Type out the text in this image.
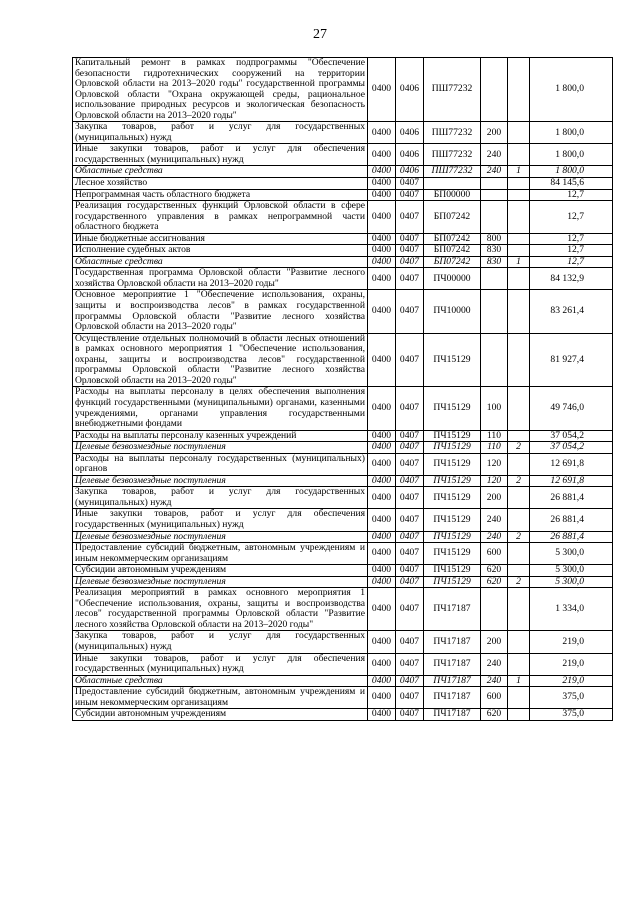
27
Капитальный ремонт в рамках подпрограммы "Обеспечение безопасности гидротехнических сооружений на территории Орловской области на 2013–2020 годы" государственной программы Орловской области "Охрана окружающей среды, рациональное использование природных ресурсов и экологическая безопасность Орловской области на 2013–2020 годы"	0400	0406	ПШ77232			1 800,0
Закупка товаров, работ и услуг для государственных (муниципальных) нужд	0400	0406	ПШ77232	200		1 800,0
Иные закупки товаров, работ и услуг для обеспечения государственных (муниципальных) нужд	0400	0406	ПШ77232	240		1 800,0
Областные средства	0400	0406	ПШ77232	240	1	1 800,0
Лесное хозяйство	0400	0407				84 145,6
Непрограммная часть областного бюджета	0400	0407	БП00000			12,7
Реализация государственных функций Орловской области в сфере государственного управления в рамках непрограммной части областного бюджета	0400	0407	БП07242			12,7
Иные бюджетные ассигнования	0400	0407	БП07242	800		12,7
Исполнение судебных актов	0400	0407	БП07242	830		12,7
Областные средства	0400	0407	БП07242	830	1	12,7
Государственная программа Орловской области "Развитие лесного хозяйства Орловской области на 2013–2020 годы"	0400	0407	ПЧ00000			84 132,9
Основное мероприятие 1 "Обеспечение использования, охраны, защиты и воспроизводства лесов" в рамках государственной программы Орловской области "Развитие лесного хозяйства Орловской области на 2013–2020 годы"	0400	0407	ПЧ10000			83 261,4
Осуществление отдельных полномочий в области лесных отношений в рамках основного мероприятия 1 "Обеспечение использования, охраны, защиты и воспроизводства лесов" государственной программы Орловской области "Развитие лесного хозяйства Орловской области на 2013–2020 годы"	0400	0407	ПЧ15129			81 927,4
Расходы на выплаты персоналу в целях обеспечения выполнения функций государственными (муниципальными) органами, казенными учреждениями, органами управления государственными внебюджетными фондами	0400	0407	ПЧ15129	100		49 746,0
Расходы на выплаты персоналу казенных учреждений	0400	0407	ПЧ15129	110		37 054,2
Целевые безвозмездные поступления	0400	0407	ПЧ15129	110	2	37 054,2
Расходы на выплаты персоналу государственных (муниципальных) органов	0400	0407	ПЧ15129	120		12 691,8
Целевые безвозмездные поступления	0400	0407	ПЧ15129	120	2	12 691,8
Закупка товаров, работ и услуг для государственных (муниципальных) нужд	0400	0407	ПЧ15129	200		26 881,4
Иные закупки товаров, работ и услуг для обеспечения государственных (муниципальных) нужд	0400	0407	ПЧ15129	240		26 881,4
Целевые безвозмездные поступления	0400	0407	ПЧ15129	240	2	26 881,4
Предоставление субсидий бюджетным, автономным учреждениям и иным некоммерческим организациям	0400	0407	ПЧ15129	600		5 300,0
Субсидии автономным учреждениям	0400	0407	ПЧ15129	620		5 300,0
Целевые безвозмездные поступления	0400	0407	ПЧ15129	620	2	5 300,0
Реализация мероприятий в рамках основного мероприятия 1 "Обеспечение использования, охраны, защиты и воспроизводства лесов" государственной программы Орловской области "Развитие лесного хозяйства Орловской области на 2013–2020 годы"	0400	0407	ПЧ17187			1 334,0
Закупка товаров, работ и услуг для государственных (муниципальных) нужд	0400	0407	ПЧ17187	200		219,0
Иные закупки товаров, работ и услуг для обеспечения государственных (муниципальных) нужд	0400	0407	ПЧ17187	240		219,0
Областные средства	0400	0407	ПЧ17187	240	1	219,0
Предоставление субсидий бюджетным, автономным учреждениям и иным некоммерческим организациям	0400	0407	ПЧ17187	600		375,0
Субсидии автономным учреждениям	0400	0407	ПЧ17187	620		375,0
